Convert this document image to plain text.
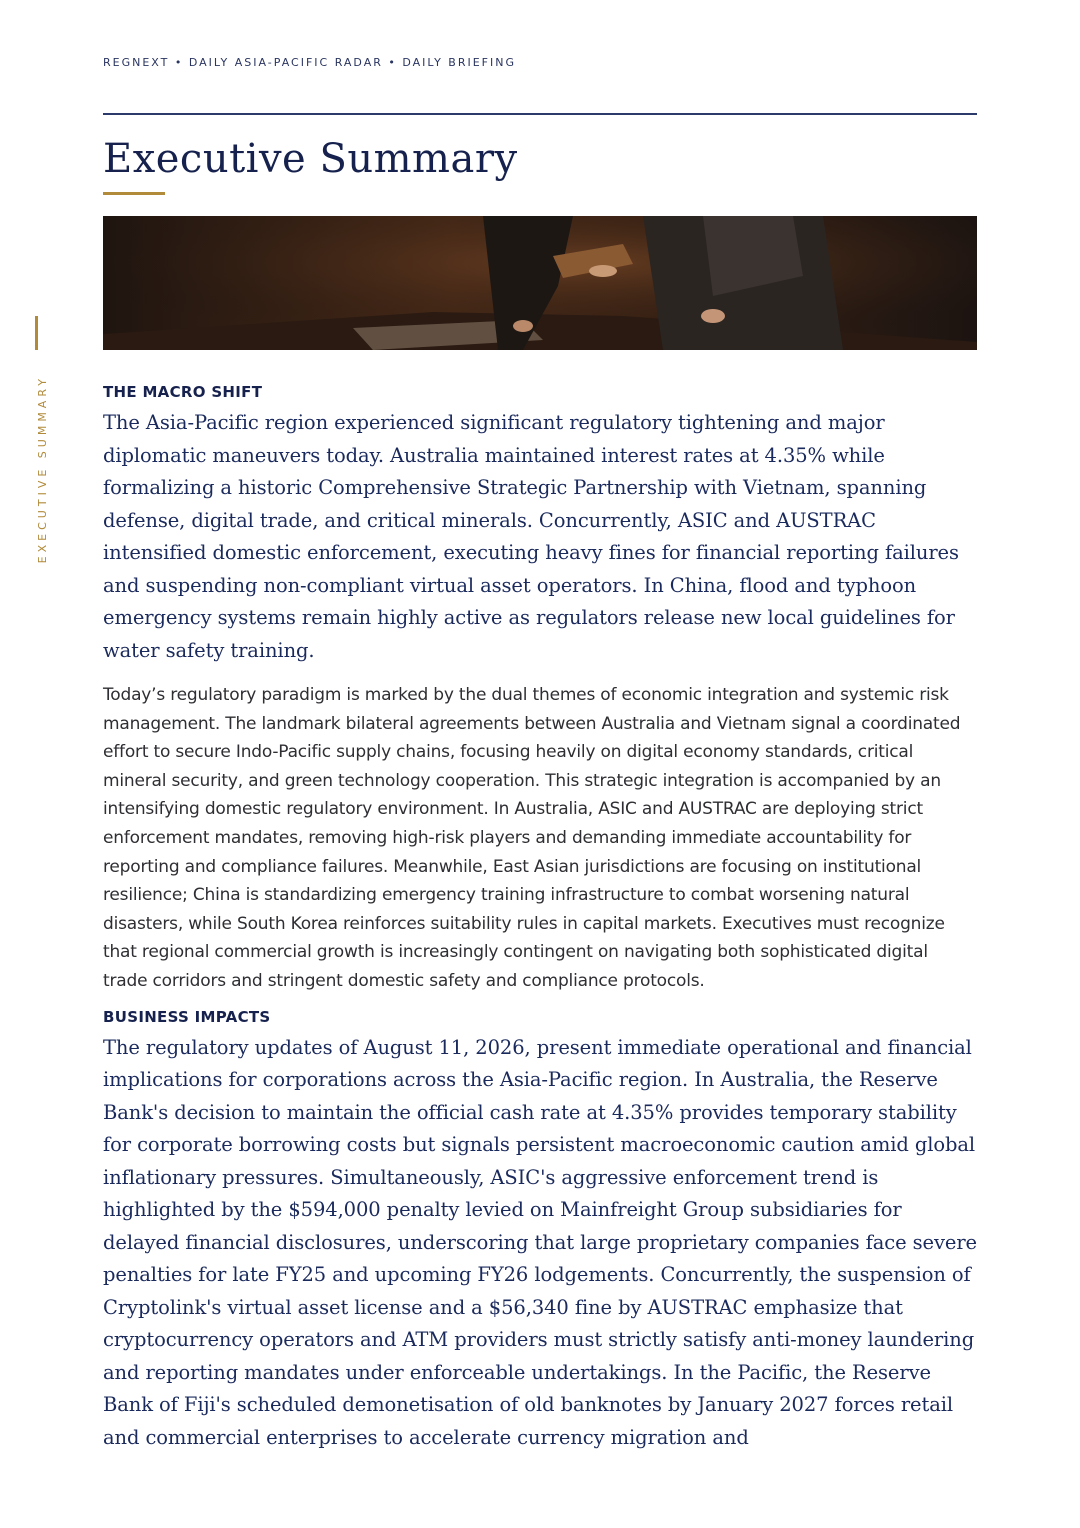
REGNEXT • DAILY ASIA-PACIFIC RADAR • DAILY BRIEFING
Executive Summary
EXECUTIVE SUMMARY	THE MACRO SHIFT

The Asia-Pacific region experienced significant regulatory tightening and major diplomatic maneuvers today. Australia maintained interest rates at 4.35% while formalizing a historic Comprehensive Strategic Partnership with Vietnam, spanning defense, digital trade, and critical minerals. Concurrently, ASIC and AUSTRAC intensified domestic enforcement, executing heavy fines for financial reporting failures and suspending non-compliant virtual asset operators. In China, flood and typhoon emergency systems remain highly active as regulators release new local guidelines for water safety training.

Today’s regulatory paradigm is marked by the dual themes of economic integration and systemic risk management. The landmark bilateral agreements between Australia and Vietnam signal a coordinated effort to secure Indo-Pacific supply chains, focusing heavily on digital economy standards, critical mineral security, and green technology cooperation. This strategic integration is accompanied by an intensifying domestic regulatory environment. In Australia, ASIC and AUSTRAC are deploying strict enforcement mandates, removing high-risk players and demanding immediate accountability for reporting and compliance failures. Meanwhile, East Asian jurisdictions are focusing on institutional resilience; China is standardizing emergency training infrastructure to combat worsening natural disasters, while South Korea reinforces suitability rules in capital markets. Executives must recognize that regional commercial growth is increasingly contingent on navigating both sophisticated digital trade corridors and stringent domestic safety and compliance protocols.

BUSINESS IMPACTS

The regulatory updates of August 11, 2026, present immediate operational and financial implications for corporations across the Asia-Pacific region. In Australia, the Reserve Bank's decision to maintain the official cash rate at 4.35% provides temporary stability for corporate borrowing costs but signals persistent macroeconomic caution amid global inflationary pressures. Simultaneously, ASIC's aggressive enforcement trend is highlighted by the $594,000 penalty levied on Mainfreight Group subsidiaries for delayed financial disclosures, underscoring that large proprietary companies face severe penalties for late FY25 and upcoming FY26 lodgements. Concurrently, the suspension of Cryptolink's virtual asset license and a $56,340 fine by AUSTRAC emphasize that cryptocurrency operators and ATM providers must strictly satisfy anti-money laundering and reporting mandates under enforceable undertakings. In the Pacific, the Reserve Bank of Fiji's scheduled demonetisation of old banknotes by January 2027 forces retail and commercial enterprises to accelerate currency migration and
